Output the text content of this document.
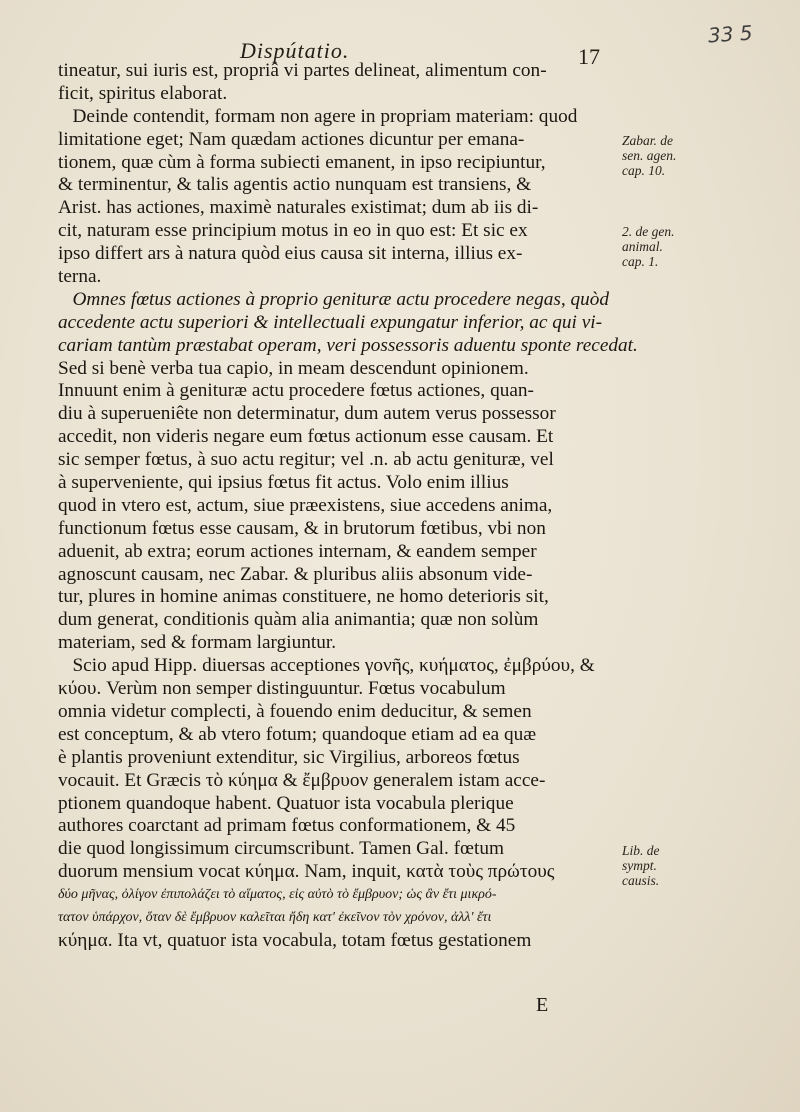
Dispútatio.	17
33 5
tineatur, sui iuris est, propriâ vi partes delineat, alimentum con-
ficit, spiritus elaborat.
Deinde contendit, formam non agere in propriam materiam: quod
limitatione eget; Nam quædam actiones dicuntur per emana-
tionem, quæ cùm à forma subiecti emanent, in ipso recipiuntur,
& terminentur, & talis agentis actio nunquam est transiens, &
Arist. has actiones, maximè naturales existimat; dum ab iis di-
cit, naturam esse principium motus in eo in quo est: Et sic ex
ipso differt ars à natura quòd eius causa sit interna, illius ex-
terna.
Omnes fœtus actiones à proprio genituræ actu procedere negas, quòd
accedente actu superiori & intellectuali expungatur inferior, ac qui vi-
cariam tantùm præstabat operam, veri possessoris aduentu sponte recedat.
Sed si benè verba tua capio, in meam descendunt opinionem.
Innuunt enim à genituræ actu procedere fœtus actiones, quan-
diu à superueniête non determinatur, dum autem verus possessor
accedit, non videris negare eum fœtus actionum esse causam. Et
sic semper fœtus, à suo actu regitur; vel .n. ab actu genituræ, vel
à superveniente, qui ipsius fœtus fit actus. Volo enim illius
quod in vtero est, actum, siue præexistens, siue accedens anima,
functionum fœtus esse causam, & in brutorum fœtibus, vbi non
aduenit, ab extra; eorum actiones internam, & eandem semper
agnoscunt causam, nec Zabar. & pluribus aliis absonum vide-
tur, plures in homine animas constituere, ne homo deterioris sit,
dum generat, conditionis quàm alia animantia; quæ non solùm
materiam, sed & formam largiuntur.
Scio apud Hipp. diuersas acceptiones γονῆς, κυήματος, ἐμβρύου, &
κύου. Verùm non semper distinguuntur. Fœtus vocabulum
omnia videtur complecti, à fouendo enim deducitur, & semen
est conceptum, & ab vtero fotum; quandoque etiam ad ea quæ
è plantis proveniunt extenditur, sic Virgilius, arboreos fœtus
vocauit. Et Græcis τὸ κύημα & ἔμβρυον generalem istam acce-
ptionem quandoque habent. Quatuor ista vocabula plerique
authores coarctant ad primam fœtus conformationem, & 45
die quod longissimum circumscribunt. Tamen Gal. fœtum
duorum mensium vocat κύημα. Nam, inquit, κατὰ τοὺς πρώτους
δύο μῆνας, ὀλίγον ἐπιπολάζει τὸ αἵματος, εἰς αὐτὸ τὸ ἔμβρυον; ὡς ἂν ἔτι μικρό-
τατον ὑπάρχον, ὅταν δὲ ἔμβρυον καλεῖται ἤδη κατ' ἐκεῖνον τὸν χρόνον, ἀλλ' ἔτι
κύημα. Ita vt, quatuor ista vocabula, totam fœtus gestationem
Zabar. de
sen. agen.
cap. 10.
2. de gen.
animal.
cap. 1.
Lib. de
sympt.
causis.
E
